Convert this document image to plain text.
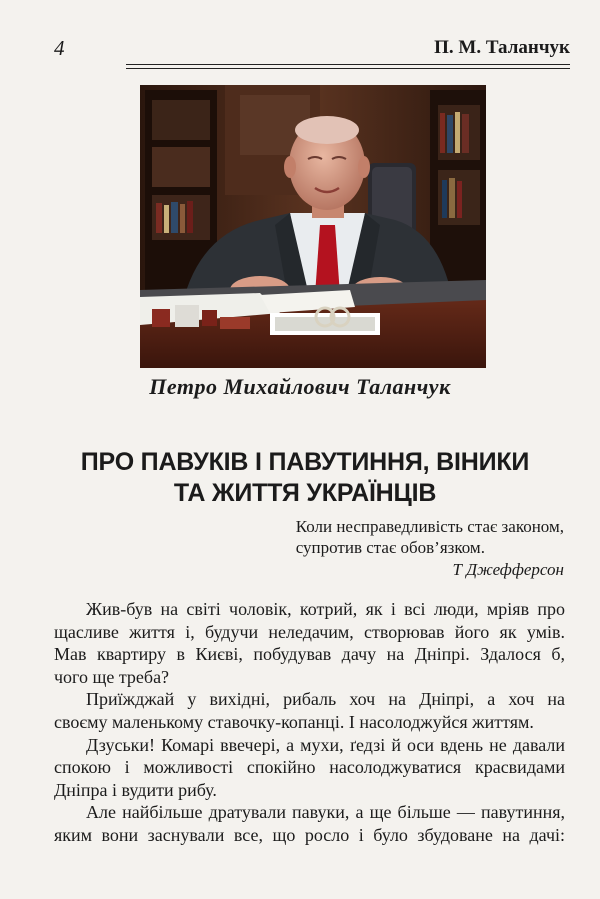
4	П. М. Таланчук
Петро Михайлович Таланчук
ПРО ПАВУКІВ І ПАВУТИННЯ, ВІНИКИ
ТА ЖИТТЯ УКРАЇНЦІВ
Коли несправедливість стає законом,
супротив стає обов’язком.
Т Джефферсон

Жив-був на світі чоловік, котрий, як і всі люди, мріяв про
щасливе життя і, будучи неледачим, створював його як умів.
Мав квартиру в Києві, побудував дачу на Дніпрі. Здалося б,
чого ще треба?

Приїжджай у вихідні, рибаль хоч на Дніпрі, а хоч на
своєму маленькому ставочку-копанці. І насолоджуйся життям.

Дзуськи! Комарі ввечері, а мухи, ґедзі й оси вдень не давали
спокою і можливості спокійно насолоджуватися красвидами Дніпра і вудити рибу.

Але найбільше дратували павуки, а ще більше — павутиння, яким вони заснували все, що росло і було збудоване на дачі:
